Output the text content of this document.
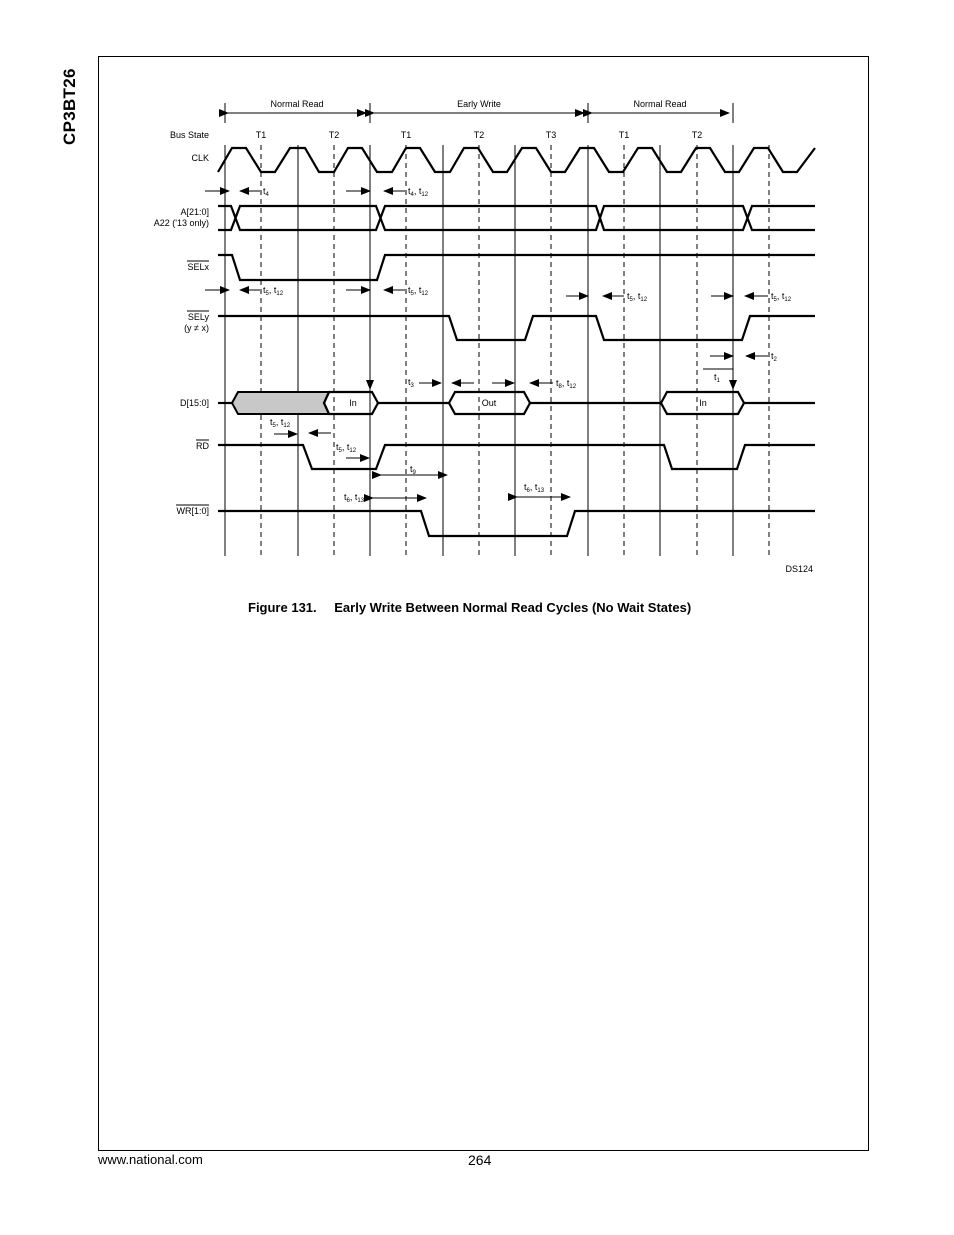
CP3BT26	Normal Read	Early Write	Normal Read
Bus State	T1	T2	T1	T2	T3	T1	T2
CLK
A[21:0]
A22 ('13 only)
SELx
SELy
(y ≠ x)
D[15:0]
RD
WR[1:0]
In	Out	In
$t_4$	$t_4$, $t_{12}$
$t_5$, $t_{12}$	$t_5$, $t_{12}$	$t_5$, $t_{12}$	$t_5$, $t_{12}$
$t_2$
$t_1$
$t_3$	$t_8$, $t_{12}$
$t_5$, $t_{12}$
$t_5$, $t_{12}$
$t_9$
$t_6$, $t_{13}$
$t_6$, $t_{13}$
DS124
Figure 131. Early Write Between Normal Read Cycles (No Wait States)
www.national.com	264
